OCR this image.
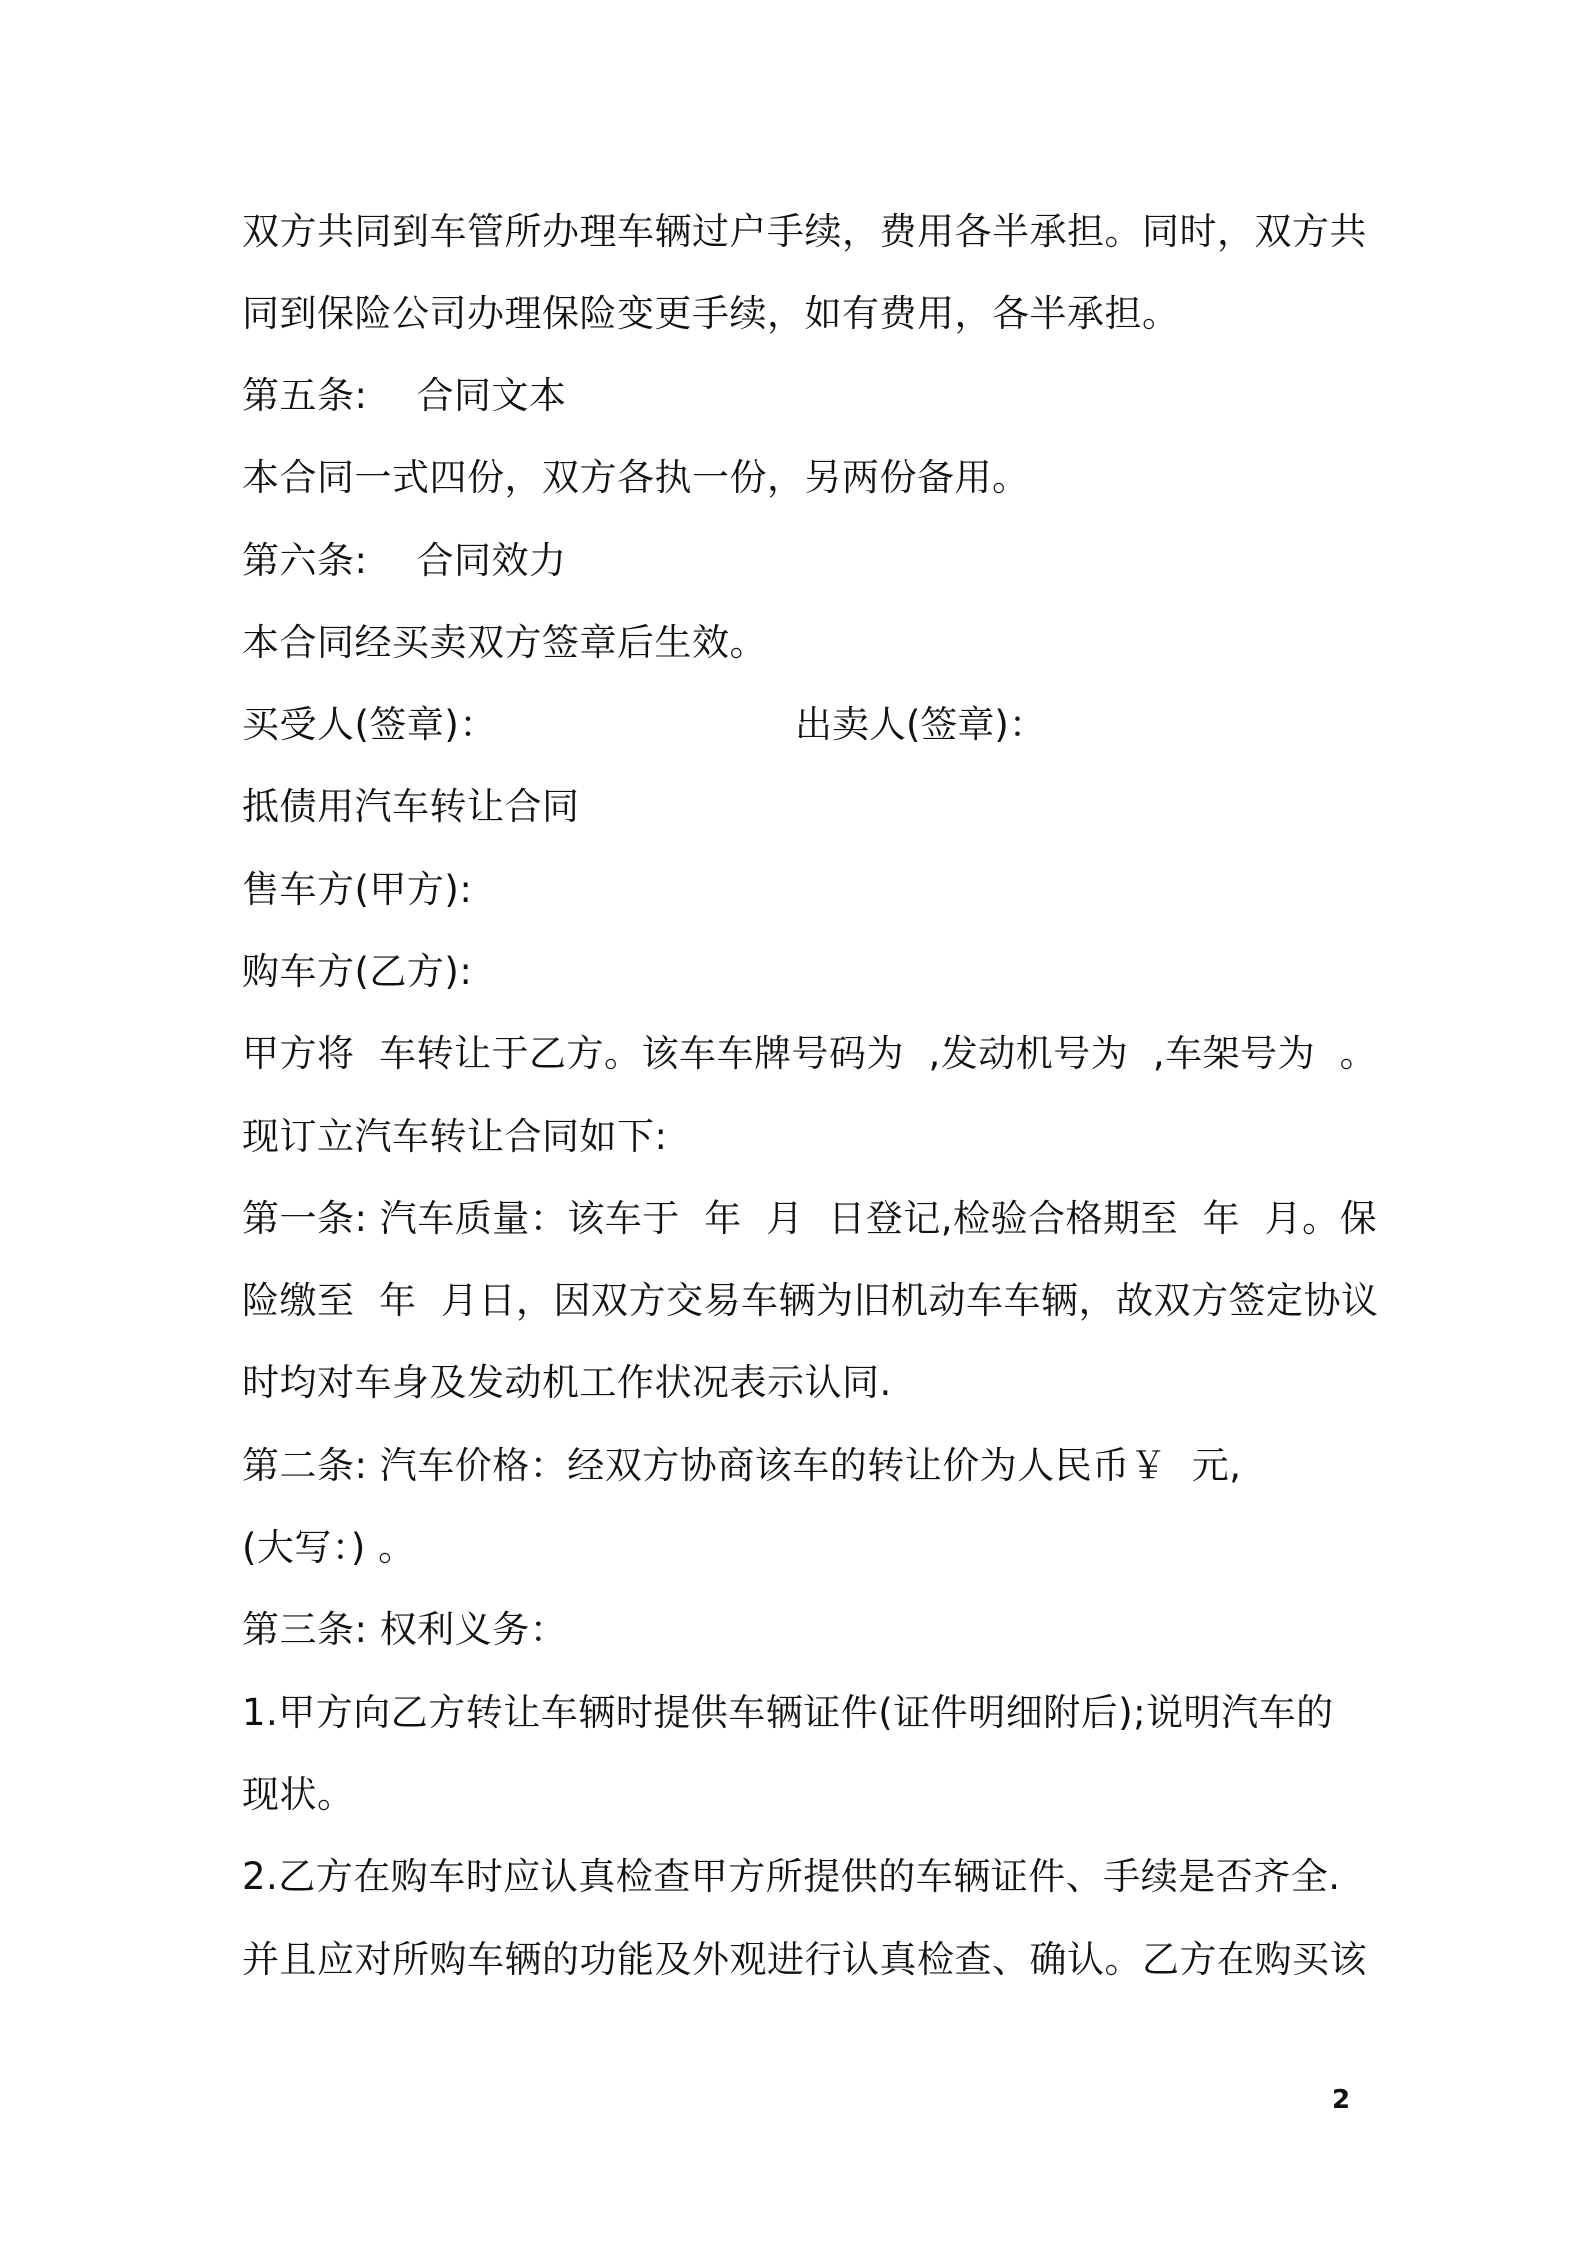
双方共同到车管所办理车辆过户手续，费用各半承担。同时，双方共
同到保险公司办理保险变更手续，如有费用，各半承担。
第五条:    合同文本
本合同一式四份，双方各执一份，另两份备用。
第六条:    合同效力
本合同经买卖双方签章后生效。
买受人(签章)：	出卖人(签章)：
抵债用汽车转让合同
售车方(甲方):
购车方(乙方):
甲方将  车转让于乙方。该车车牌号码为  ,发动机号为  ,车架号为  。
现订立汽车转让合同如下:
第一条: 汽车质量：该车于  年  月  日登记,检验合格期至  年  月。保
险缴至  年  月日，因双方交易车辆为旧机动车车辆，故双方签定协议
时均对车身及发动机工作状况表示认同.
第二条: 汽车价格：经双方协商该车的转让价为人民币￥  元,
(大写：) 。
第三条: 权利义务：
1.甲方向乙方转让车辆时提供车辆证件(证件明细附后);说明汽车的
现状。
2.乙方在购车时应认真检查甲方所提供的车辆证件、手续是否齐全.
并且应对所购车辆的功能及外观进行认真检查、确认。乙方在购买该
2
